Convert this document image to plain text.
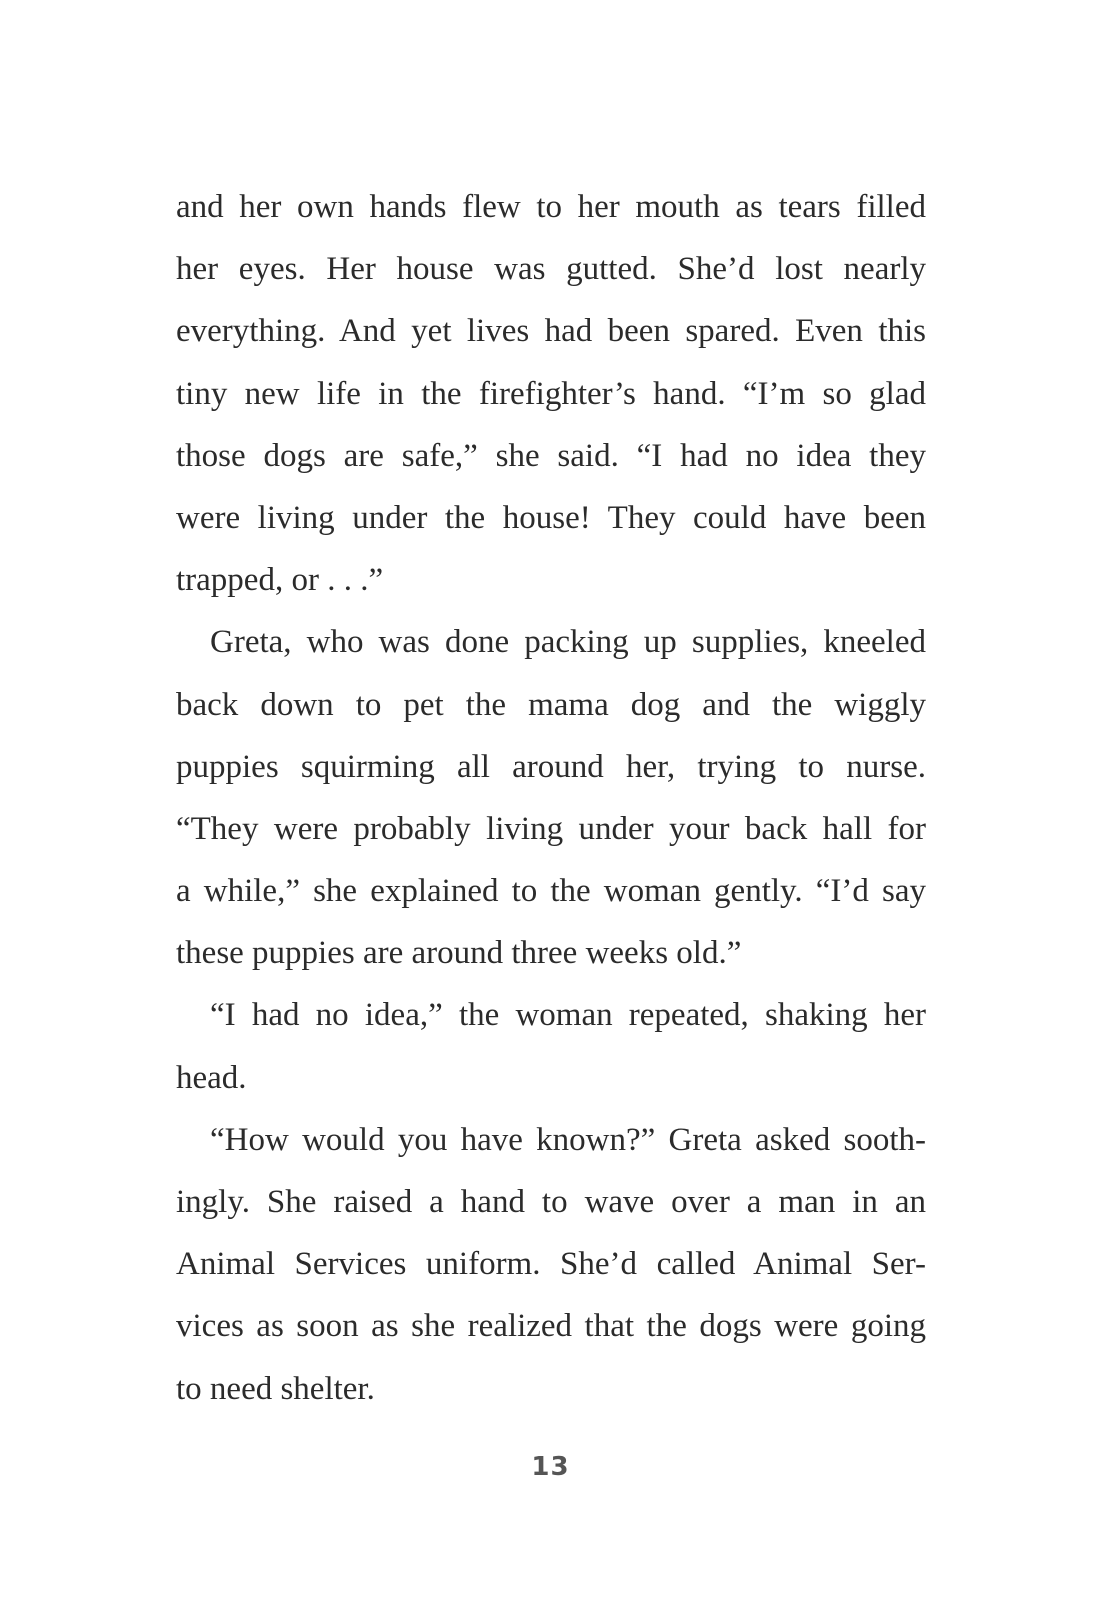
and her own hands flew to her mouth as tears filled
her eyes. Her house was gutted. She’d lost nearly
everything. And yet lives had been spared. Even this
tiny new life in the firefighter’s hand. “I’m so glad
those dogs are safe,” she said. “I had no idea they
were living under the house! They could have been
trapped, or . . .”
Greta, who was done packing up supplies, kneeled
back down to pet the mama dog and the wiggly
puppies squirming all around her, trying to nurse.
“They were probably living under your back hall for
a while,” she explained to the woman gently. “I’d say
these puppies are around three weeks old.”
“I had no idea,” the woman repeated, shaking her
head.
“How would you have known?” Greta asked sooth-
ingly. She raised a hand to wave over a man in an
Animal Services uniform. She’d called Animal Ser-
vices as soon as she realized that the dogs were going
to need shelter.
13
